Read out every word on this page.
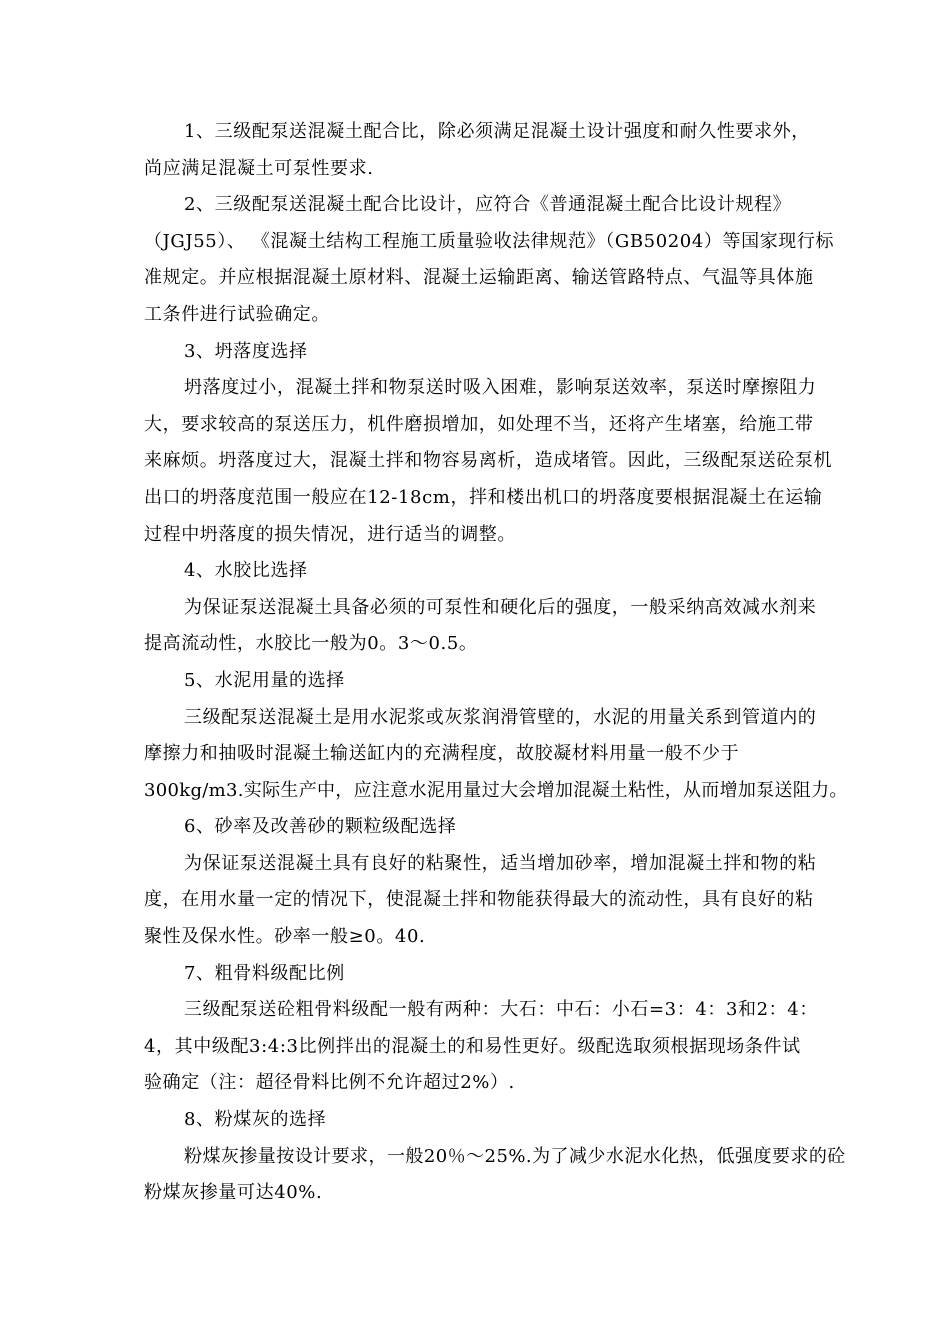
1、三级配泵送混凝土配合比，除必须满足混凝土设计强度和耐久性要求外，
尚应满足混凝土可泵性要求.
2、三级配泵送混凝土配合比设计，应符合《普通混凝土配合比设计规程》
（JGJ55）、 《混凝土结构工程施工质量验收法律规范》（GB50204）等国家现行标
准规定。并应根据混凝土原材料、混凝土运输距离、输送管路特点、气温等具体施
工条件进行试验确定。
3、坍落度选择
坍落度过小，混凝土拌和物泵送时吸入困难，影响泵送效率，泵送时摩擦阻力
大，要求较高的泵送压力，机件磨损增加，如处理不当，还将产生堵塞，给施工带
来麻烦。坍落度过大，混凝土拌和物容易离析，造成堵管。因此，三级配泵送砼泵机
出口的坍落度范围一般应在12-18cm，拌和楼出机口的坍落度要根据混凝土在运输
过程中坍落度的损失情况，进行适当的调整。
4、水胶比选择
为保证泵送混凝土具备必须的可泵性和硬化后的强度，一般采纳高效减水剂来
提高流动性，水胶比一般为0。3～0.5。
5、水泥用量的选择
三级配泵送混凝土是用水泥浆或灰浆润滑管壁的，水泥的用量关系到管道内的
摩擦力和抽吸时混凝土输送缸内的充满程度，故胶凝材料用量一般不少于
300kg/m3.实际生产中，应注意水泥用量过大会增加混凝土粘性，从而增加泵送阻力。
6、砂率及改善砂的颗粒级配选择
为保证泵送混凝土具有良好的粘聚性，适当增加砂率，增加混凝土拌和物的粘
度，在用水量一定的情况下，使混凝土拌和物能获得最大的流动性，具有良好的粘
聚性及保水性。砂率一般≥0。40.
7、粗骨料级配比例
三级配泵送砼粗骨料级配一般有两种：大石：中石：小石=3：4：3和2：4：
4，其中级配3:4:3比例拌出的混凝土的和易性更好。级配选取须根据现场条件试
验确定（注：超径骨料比例不允许超过2%）.
8、粉煤灰的选择
粉煤灰掺量按设计要求，一般20％～25%.为了减少水泥水化热，低强度要求的砼
粉煤灰掺量可达40%.
